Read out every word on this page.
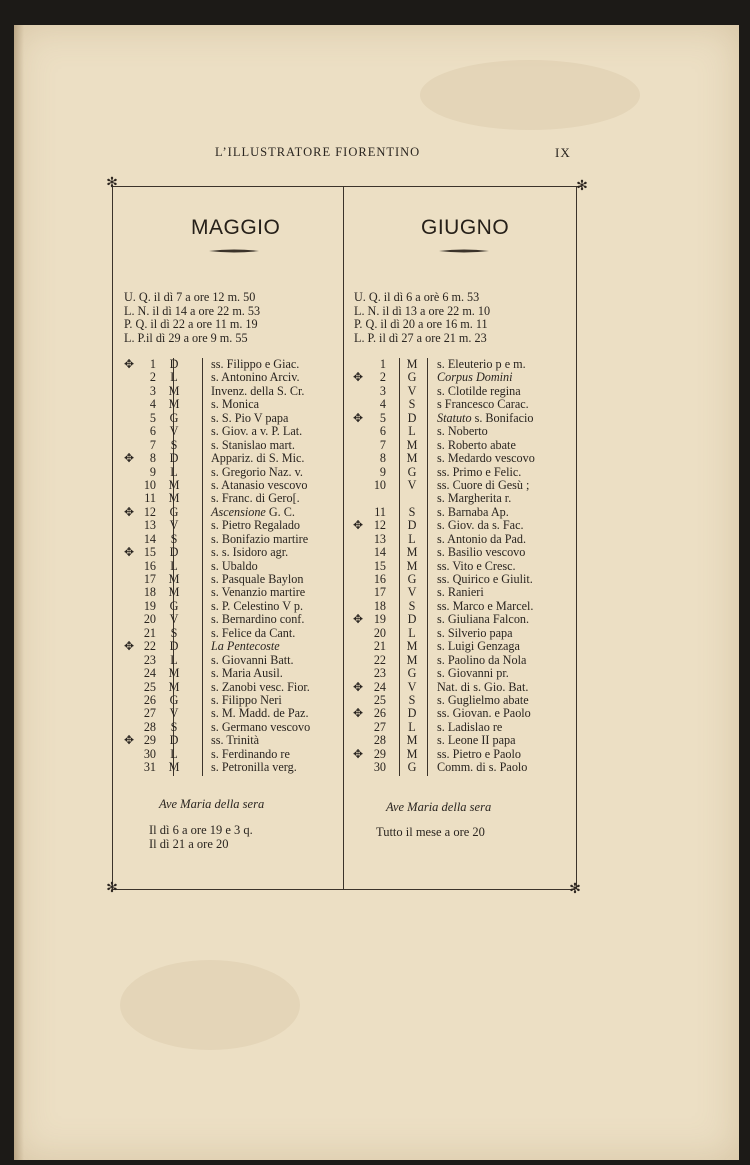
L’ILLUSTRATORE FIORENTINO	IX
✻	✻
✻	✻
MAGGIO
U. Q. il dì 7 a ore 12 m. 50
L. N. il dì 14 a ore 22 m. 53
P. Q. il dì 22 a ore 11 m. 19
L. P.il dì 29 a ore 9 m. 55
✥	1 D	ss. Filippo e Giac.
2 L	s. Antonino Arciv.
3 M	Invenz. della S. Cr.
4 M	s. Monica
5 G	s. S. Pio V papa
6 V	s. Giov. a v. P. Lat.
7 S	s. Stanislao mart.
✥	8 D	Appariz. di S. Mic.
9 L	s. Gregorio Naz. v.
10 M	s. Atanasio vescovo
11 M	s. Franc. di Gero[.
✥ 12 G	Ascensione G. C.
13 V	s. Pietro Regalado
14 S	s. Bonifazio martire
✥ 15 D	s. s. Isidoro agr.
16 L	s. Ubaldo
17 M	s. Pasquale Baylon
18 M	s. Venanzio martire
19 G	s. P. Celestino V p.
20 V	s. Bernardino conf.
21 S	s. Felice da Cant.
✥ 22 D	La Pentecoste
23 L	s. Giovanni Batt.
24 M	s. Maria Ausil.
25 M	s. Zanobi vesc. Fior.
26 G	s. Filippo Neri
27 V	s. M. Madd. de Paz.
28 S	s. Germano vescovo
✥ 29 D	ss. Trinità
30 L	s. Ferdinando re
31 M	s. Petronilla verg.
Ave Maria della sera
Il dì 6 a ore 19 e 3 q.
Il dì 21 a ore 20
GIUGNO
U. Q. il dì 6 a orè 6 m. 53
L. N. il dì 13 a ore 22 m. 10
P. Q. il dì 20 a ore 16 m. 11
L. P. il dì 27 a ore 21 m. 23
1 M s. Eleuterio p e m.
✥	2 G Corpus Domini
3 V s. Clotilde regina
4 S s Francesco Carac.
✥	5 D Statuto s. Bonifacio
6 L s. Noberto
7 M s. Roberto abate
8 M s. Medardo vescovo
9 G ss. Primo e Felic.
10 V ss. Cuore di Gesù ;
s. Margherita r.
11 S s. Barnaba Ap.
✥ 12 D s. Giov. da s. Fac.
13 L s. Antonio da Pad.
14 M s. Basilio vescovo
15 M ss. Vito e Cresc.
16 G ss. Quirico e Giulit.
17 V s. Ranieri
18 S ss. Marco e Marcel.
✥ 19 D s. Giuliana Falcon.
20 L s. Silverio papa
21 M s. Luigi Genzaga
22 M s. Paolino da Nola
23 G s. Giovanni pr.
✥ 24 V Nat. di s. Gio. Bat.
25 S s. Guglielmo abate
✥ 26 D ss. Giovan. e Paolo
27 L s. Ladislao re
28 M s. Leone II papa
✥ 29 M ss. Pietro e Paolo
30 G Comm. di s. Paolo
Ave Maria della sera
Tutto il mese a ore 20
